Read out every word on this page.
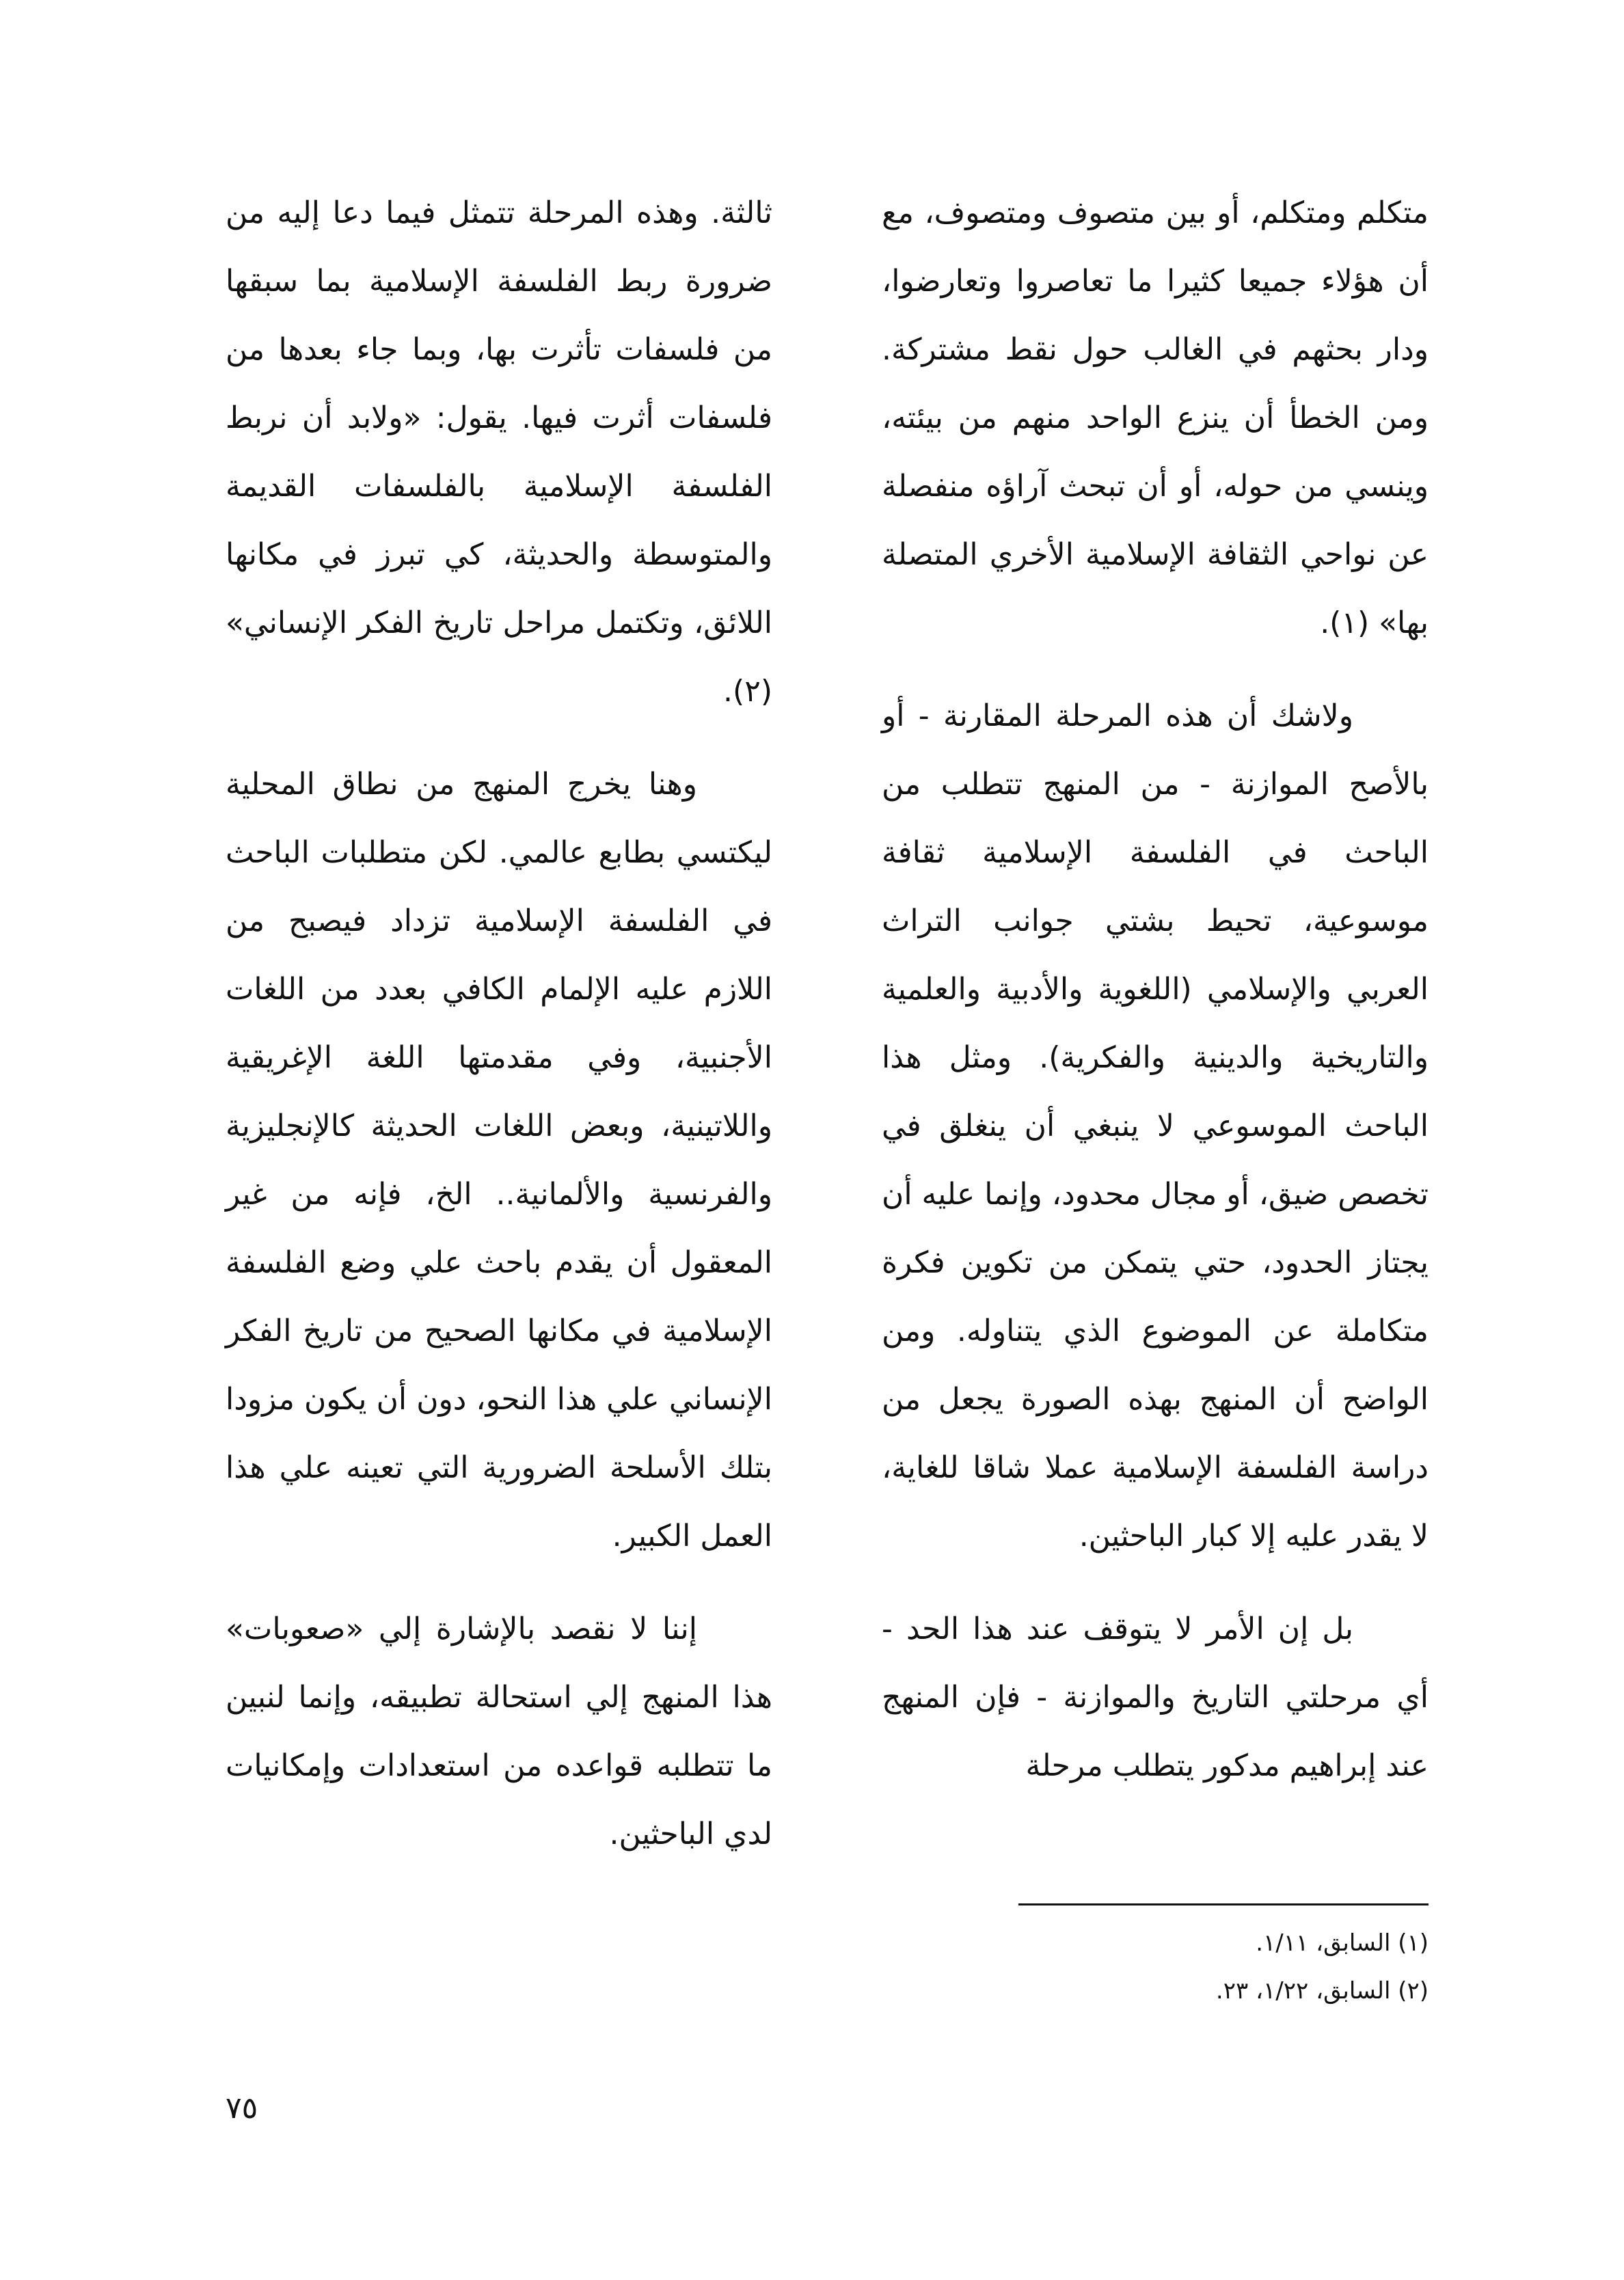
متكلم ومتكلم، أو بين متصوف ومتصوف، مع أن هؤلاء جميعا كثيرا ما تعاصروا وتعارضوا، ودار بحثهم في الغالب حول نقط مشتركة. ومن الخطأ أن ينزع الواحد منهم من بيئته، وينسي من حوله، أو أن تبحث آراؤه منفصلة عن نواحي الثقافة الإسلامية الأخري المتصلة بها» (١).

ولاشك أن هذه المرحلة المقارنة - أو بالأصح الموازنة - من المنهج تتطلب من الباحث في الفلسفة الإسلامية ثقافة موسوعية، تحيط بشتي جوانب التراث العربي والإسلامي (اللغوية والأدبية والعلمية والتاريخية والدينية والفكرية). ومثل هذا الباحث الموسوعي لا ينبغي أن ينغلق في تخصص ضيق، أو مجال محدود، وإنما عليه أن يجتاز الحدود، حتي يتمكن من تكوين فكرة متكاملة عن الموضوع الذي يتناوله. ومن الواضح أن المنهج بهذه الصورة يجعل من دراسة الفلسفة الإسلامية عملا شاقا للغاية، لا يقدر عليه إلا كبار الباحثين.

بل إن الأمر لا يتوقف عند هذا الحد - أي مرحلتي التاريخ والموازنة - فإن المنهج عند إبراهيم مدكور يتطلب مرحلة

ثالثة. وهذه المرحلة تتمثل فيما دعا إليه من ضرورة ربط الفلسفة الإسلامية بما سبقها من فلسفات تأثرت بها، وبما جاء بعدها من فلسفات أثرت فيها. يقول: «ولابد أن نربط الفلسفة الإسلامية بالفلسفات القديمة والمتوسطة والحديثة، كي تبرز في مكانها اللائق، وتكتمل مراحل تاريخ الفكر الإنساني» (٢).

وهنا يخرج المنهج من نطاق المحلية ليكتسي بطابع عالمي. لكن متطلبات الباحث في الفلسفة الإسلامية تزداد فيصبح من اللازم عليه الإلمام الكافي بعدد من اللغات الأجنبية، وفي مقدمتها اللغة الإغريقية واللاتينية، وبعض اللغات الحديثة كالإنجليزية والفرنسية والألمانية.. الخ، فإنه من غير المعقول أن يقدم باحث علي وضع الفلسفة الإسلامية في مكانها الصحيح من تاريخ الفكر الإنساني علي هذا النحو، دون أن يكون مزودا بتلك الأسلحة الضرورية التي تعينه علي هذا العمل الكبير.

إننا لا نقصد بالإشارة إلي «صعوبات» هذا المنهج إلي استحالة تطبيقه، وإنما لنبين ما تتطلبه قواعده من استعدادات وإمكانيات لدي الباحثين.

(١) السابق، ١/١١.

(٢) السابق، ١/٢٢، ٢٣.

٧٥
